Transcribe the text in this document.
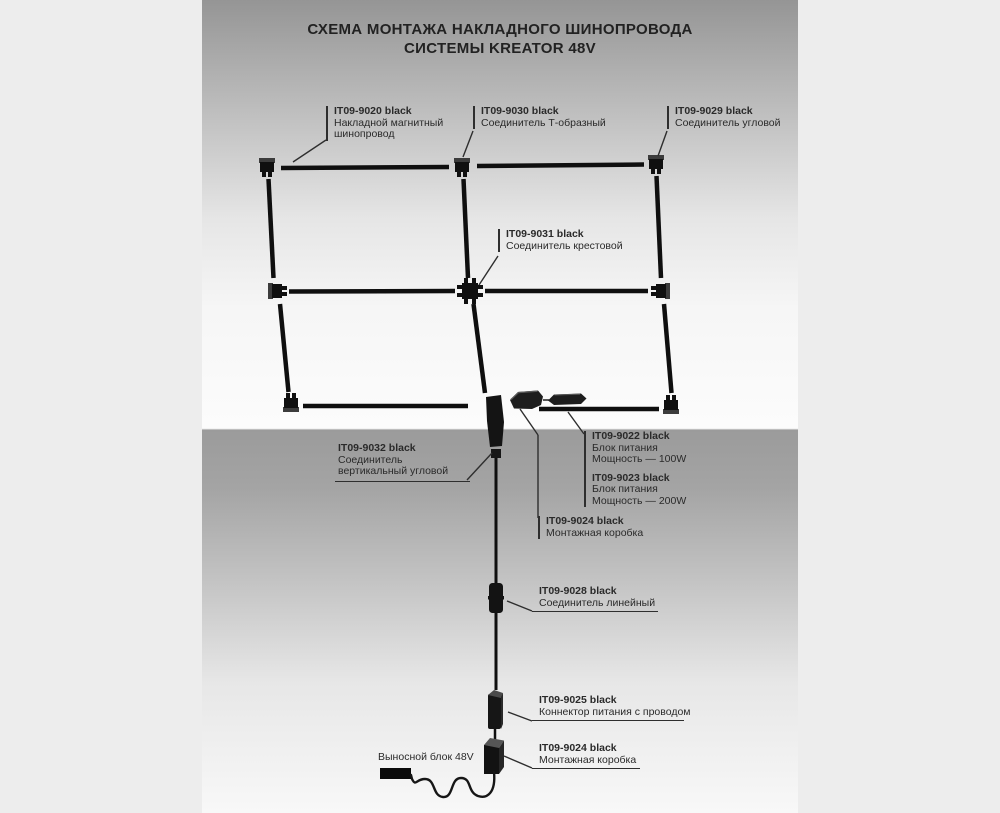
СХЕМА МОНТАЖА НАКЛАДНОГО ШИНОПРОВОДА
СИСТЕМЫ KREATOR 48V
IT09-9020 black
Накладной магнитный
шинопровод
IT09-9030 black
Соединитель Т-образный
IT09-9029 black
Соединитель угловой
IT09-9031 black
Соединитель крестовой
IT09-9032 black
Соединитель
вертикальный угловой
IT09-9022 black
Блок питания
Мощность — 100W
IT09-9023 black
Блок питания
Мощность — 200W
IT09-9024 black
Монтажная коробка
IT09-9028 black
Соединитель линейный
IT09-9025 black
Коннектор питания с проводом
IT09-9024 black
Монтажная коробка
Выносной блок 48V
